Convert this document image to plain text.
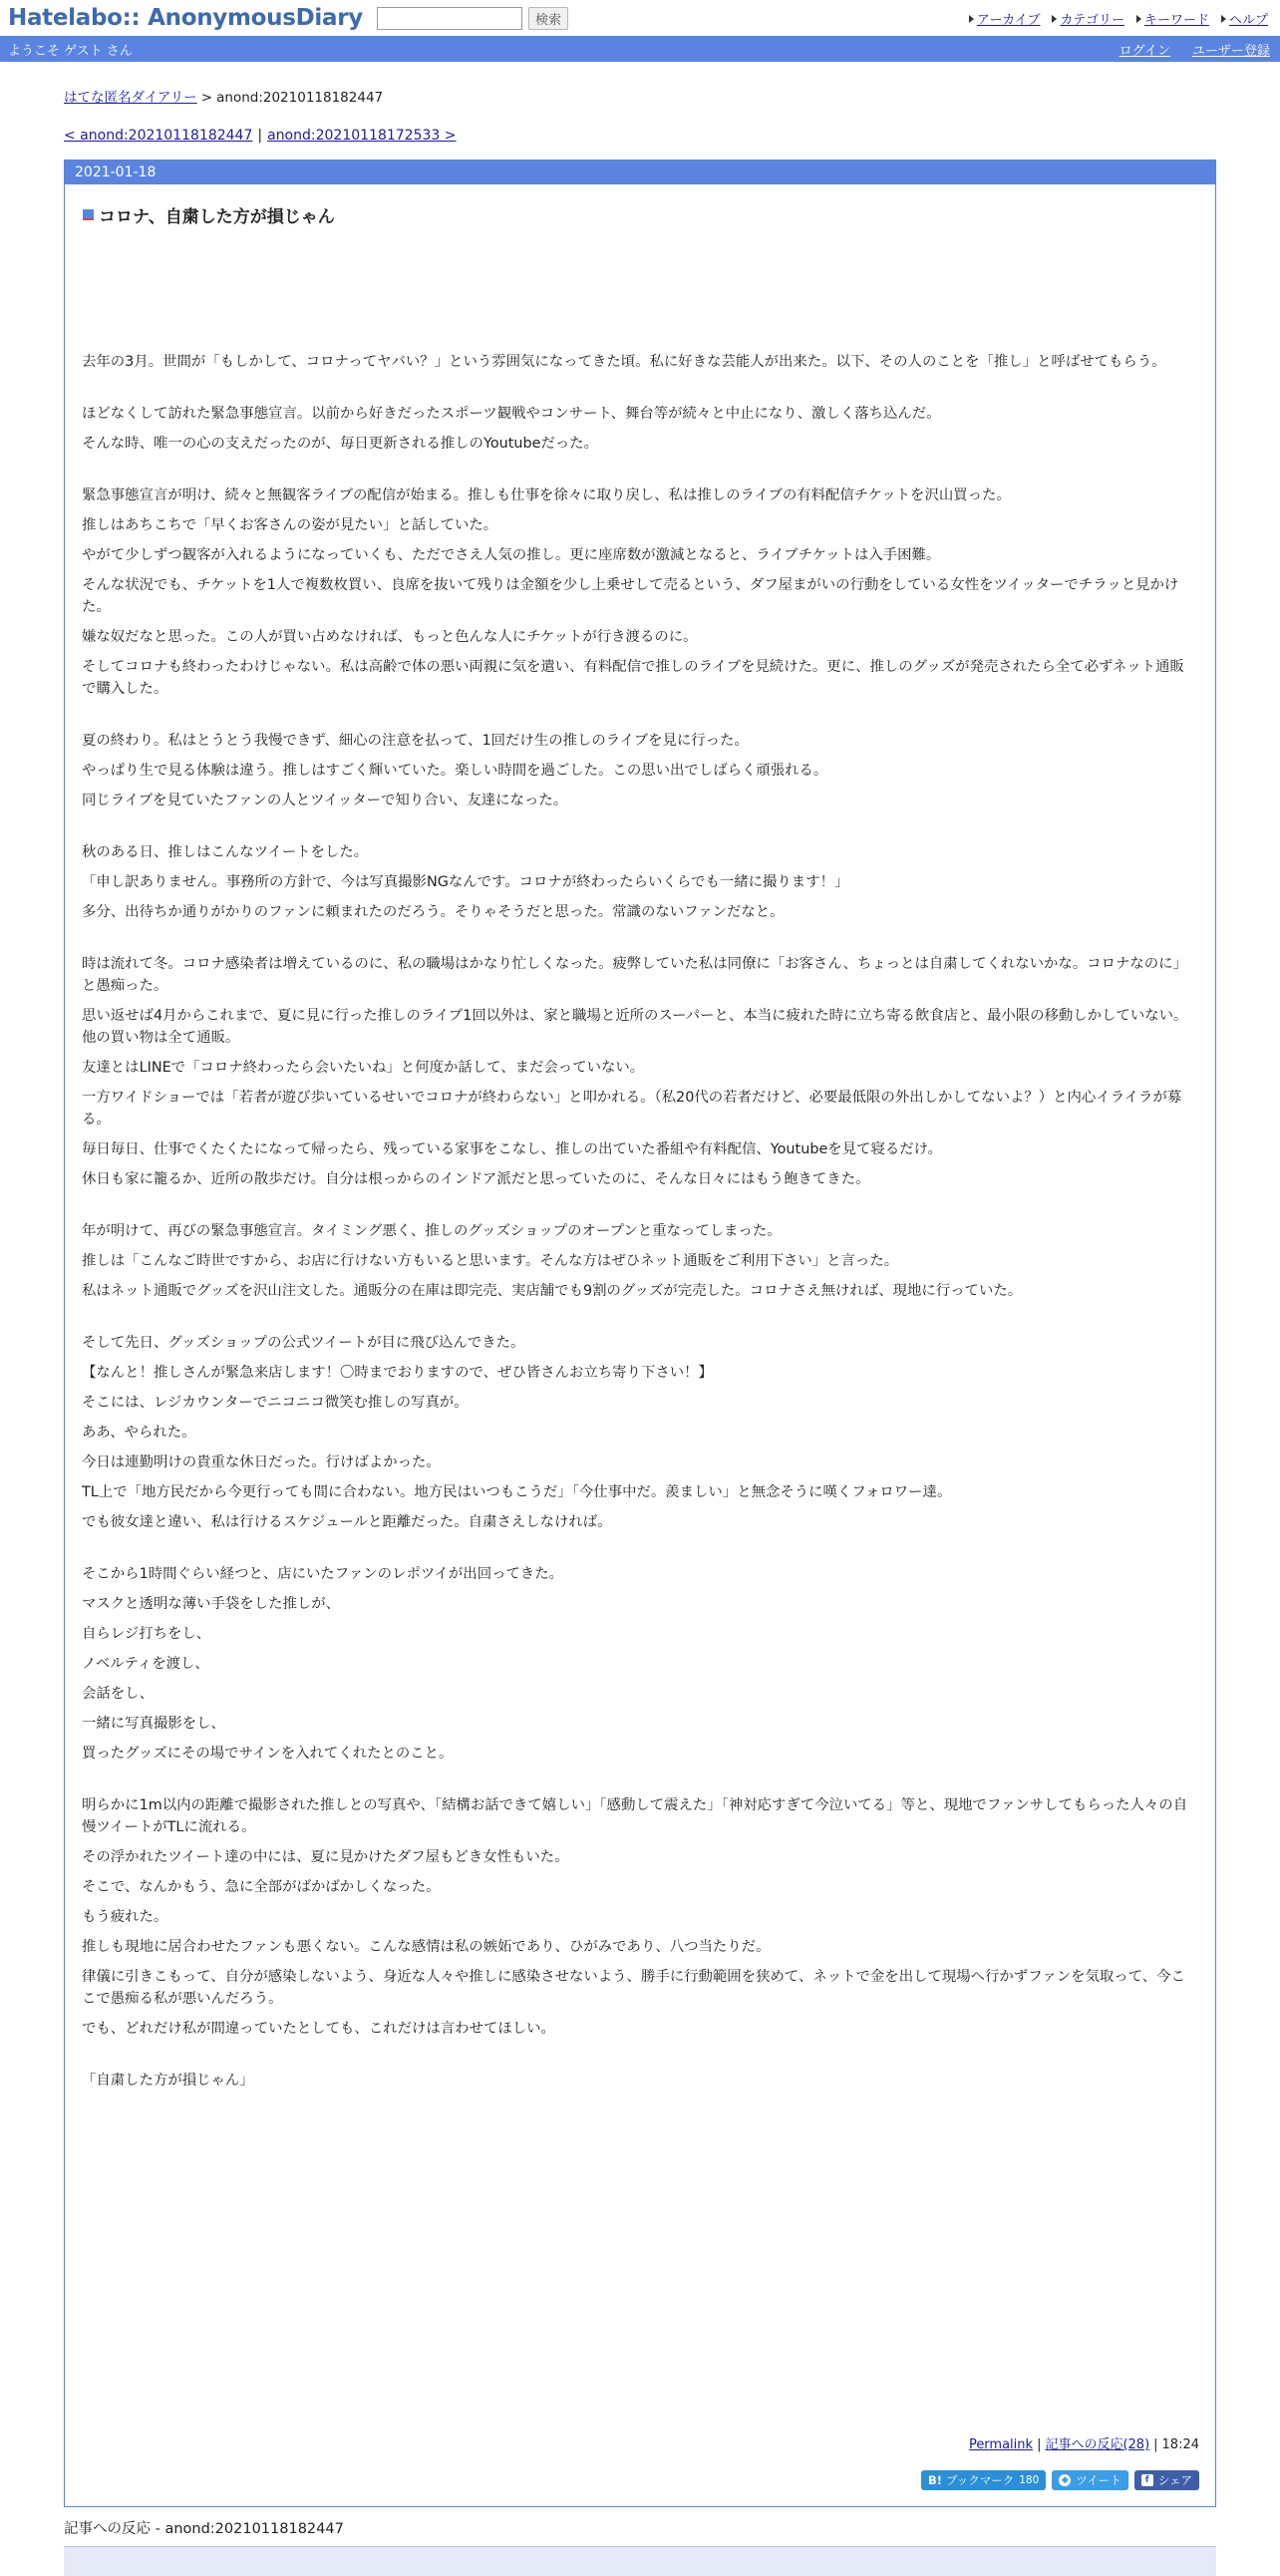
Hatelabo:: AnonymousDiary	検索	アーカイブ カテゴリー キーワード ヘルプ
ようこそ ゲスト さん	ログイン ユーザー登録
はてな匿名ダイアリー > anond:20210118182447
< anond:20210118182447 | anond:20210118172533 >
2021-01-18
コロナ、自粛した方が損じゃん

去年の3月。世間が「もしかして、コロナってヤバい？」という雰囲気になってきた頃。私に好きな芸能人が出来た。以下、その人のことを「推し」と呼ばせてもらう。

ほどなくして訪れた緊急事態宣言。以前から好きだったスポーツ観戦やコンサート、舞台等が続々と中止になり、激しく落ち込んだ。

そんな時、唯一の心の支えだったのが、毎日更新される推しのYoutubeだった。

緊急事態宣言が明け、続々と無観客ライブの配信が始まる。推しも仕事を徐々に取り戻し、私は推しのライブの有料配信チケットを沢山買った。

推しはあちこちで「早くお客さんの姿が見たい」と話していた。

やがて少しずつ観客が入れるようになっていくも、ただでさえ人気の推し。更に座席数が激減となると、ライブチケットは入手困難。

そんな状況でも、チケットを1人で複数枚買い、良席を抜いて残りは金額を少し上乗せして売るという、ダフ屋まがいの行動をしている女性をツイッターでチラッと見かけた。

嫌な奴だなと思った。この人が買い占めなければ、もっと色んな人にチケットが行き渡るのに。

そしてコロナも終わったわけじゃない。私は高齢で体の悪い両親に気を遣い、有料配信で推しのライブを見続けた。更に、推しのグッズが発売されたら全て必ずネット通販で購入した。

夏の終わり。私はとうとう我慢できず、細心の注意を払って、1回だけ生の推しのライブを見に行った。

やっぱり生で見る体験は違う。推しはすごく輝いていた。楽しい時間を過ごした。この思い出でしばらく頑張れる。

同じライブを見ていたファンの人とツイッターで知り合い、友達になった。

秋のある日、推しはこんなツイートをした。

「申し訳ありません。事務所の方針で、今は写真撮影NGなんです。コロナが終わったらいくらでも一緒に撮ります！」

多分、出待ちか通りがかりのファンに頼まれたのだろう。そりゃそうだと思った。常識のないファンだなと。

時は流れて冬。コロナ感染者は増えているのに、私の職場はかなり忙しくなった。疲弊していた私は同僚に「お客さん、ちょっとは自粛してくれないかな。コロナなのに」と愚痴った。

思い返せば4月からこれまで、夏に見に行った推しのライブ1回以外は、家と職場と近所のスーパーと、本当に疲れた時に立ち寄る飲食店と、最小限の移動しかしていない。他の買い物は全て通販。

友達とはLINEで「コロナ終わったら会いたいね」と何度か話して、まだ会っていない。

一方ワイドショーでは「若者が遊び歩いているせいでコロナが終わらない」と叩かれる。（私20代の若者だけど、必要最低限の外出しかしてないよ？）と内心イライラが募る。

毎日毎日、仕事でくたくたになって帰ったら、残っている家事をこなし、推しの出ていた番組や有料配信、Youtubeを見て寝るだけ。

休日も家に籠るか、近所の散歩だけ。自分は根っからのインドア派だと思っていたのに、そんな日々にはもう飽きてきた。

年が明けて、再びの緊急事態宣言。タイミング悪く、推しのグッズショップのオープンと重なってしまった。

推しは「こんなご時世ですから、お店に行けない方もいると思います。そんな方はぜひネット通販をご利用下さい」と言った。

私はネット通販でグッズを沢山注文した。通販分の在庫は即完売、実店舗でも9割のグッズが完売した。コロナさえ無ければ、現地に行っていた。

そして先日、グッズショップの公式ツイートが目に飛び込んできた。

【なんと！推しさんが緊急来店します！〇時までおりますので、ぜひ皆さんお立ち寄り下さい！】

そこには、レジカウンターでニコニコ微笑む推しの写真が。

ああ、やられた。

今日は連勤明けの貴重な休日だった。行けばよかった。

TL上で「地方民だから今更行っても間に合わない。地方民はいつもこうだ」「今仕事中だ。羨ましい」と無念そうに嘆くフォロワー達。

でも彼女達と違い、私は行けるスケジュールと距離だった。自粛さえしなければ。

そこから1時間ぐらい経つと、店にいたファンのレポツイが出回ってきた。

マスクと透明な薄い手袋をした推しが、

自らレジ打ちをし、

ノベルティを渡し、

会話をし、

一緒に写真撮影をし、

買ったグッズにその場でサインを入れてくれたとのこと。

明らかに1m以内の距離で撮影された推しとの写真や、「結構お話できて嬉しい」「感動して震えた」「神対応すぎて今泣いてる」等と、現地でファンサしてもらった人々の自慢ツイートがTLに流れる。

その浮かれたツイート達の中には、夏に見かけたダフ屋もどき女性もいた。

そこで、なんかもう、急に全部がばかばかしくなった。

もう疲れた。

推しも現地に居合わせたファンも悪くない。こんな感情は私の嫉妬であり、ひがみであり、八つ当たりだ。

律儀に引きこもって、自分が感染しないよう、身近な人々や推しに感染させないよう、勝手に行動範囲を狭めて、ネットで金を出して現場へ行かずファンを気取って、今ここで愚痴る私が悪いんだろう。

でも、どれだけ私が間違っていたとしても、これだけは言わせてほしい。

「自粛した方が損じゃん」

Permalink | 記事への反応(28) | 18:24
B! ブックマーク 180	◆ ツイート	f シェア
記事への反応 - anond:20210118182447
